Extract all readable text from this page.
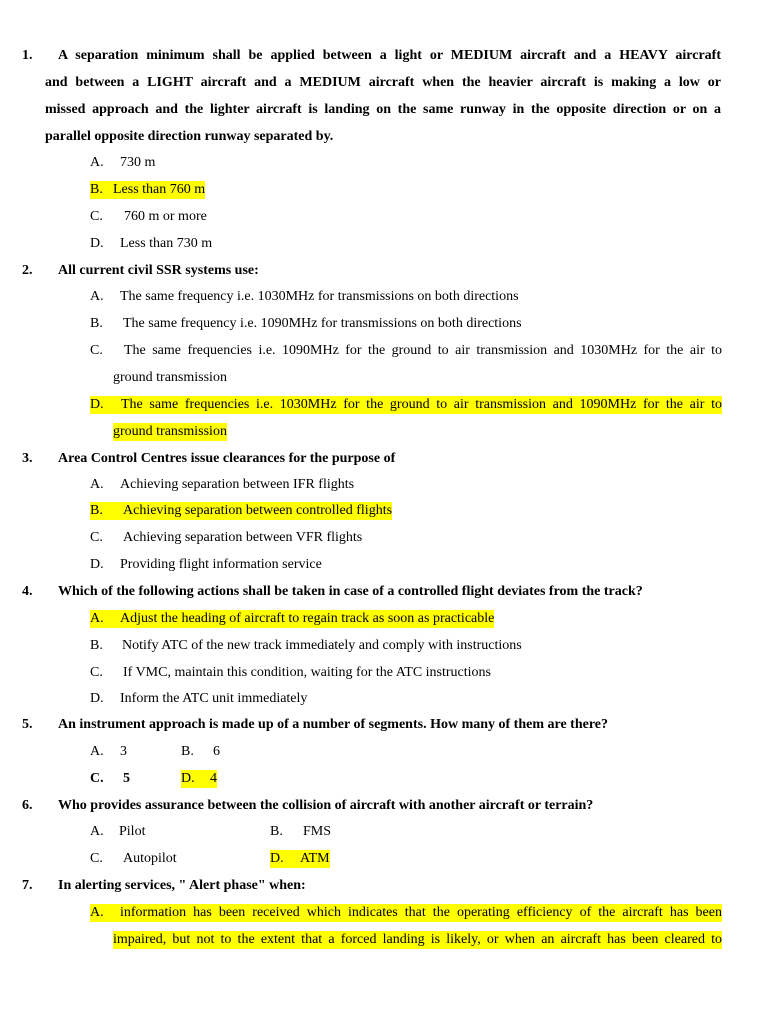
1. A separation minimum shall be applied between a light or MEDIUM aircraft and a HEAVY aircraft
and between a LIGHT aircraft and a MEDIUM aircraft when the heavier aircraft is making a low or
missed approach and the lighter aircraft is landing on the same runway in the opposite direction or on a
parallel opposite direction runway separated by.
A. 730 m
B. Less than 760 m
C. 760 m or more
D. Less than 730 m
2. All current civil SSR systems use:
A. The same frequency i.e. 1030MHz for transmissions on both directions
B. The same frequency i.e. 1090MHz for transmissions on both directions
C.	The same frequencies i.e. 1090MHz for the ground to air transmission and 1030MHz for the air to
ground transmission
D.	The same frequencies i.e. 1030MHz for the ground to air transmission and 1090MHz for the air to
ground transmission
3. Area Control Centres issue clearances for the purpose of
A. Achieving separation between IFR flights
B. Achieving separation between controlled flights
C. Achieving separation between VFR flights
D. Providing flight information service
4. Which of the following actions shall be taken in case of a controlled flight deviates from the track?
A. Adjust the heading of aircraft to regain track as soon as practicable
B. Notify ATC of the new track immediately and comply with instructions
C. If VMC, maintain this condition, waiting for the ATC instructions
D. Inform the ATC unit immediately
5. An instrument approach is made up of a number of segments. How many of them are there?
A. 3	B. 6
C. 5	D. 4
6. Who provides assurance between the collision of aircraft with another aircraft or terrain?
A. Pilot	B. FMS
C. Autopilot	D. ATM
7. In alerting services, " Alert phase" when:
A.	information has been received which indicates that the operating efficiency of the aircraft has been
impaired, but not to the extent that a forced landing is likely, or when an aircraft has been cleared to
